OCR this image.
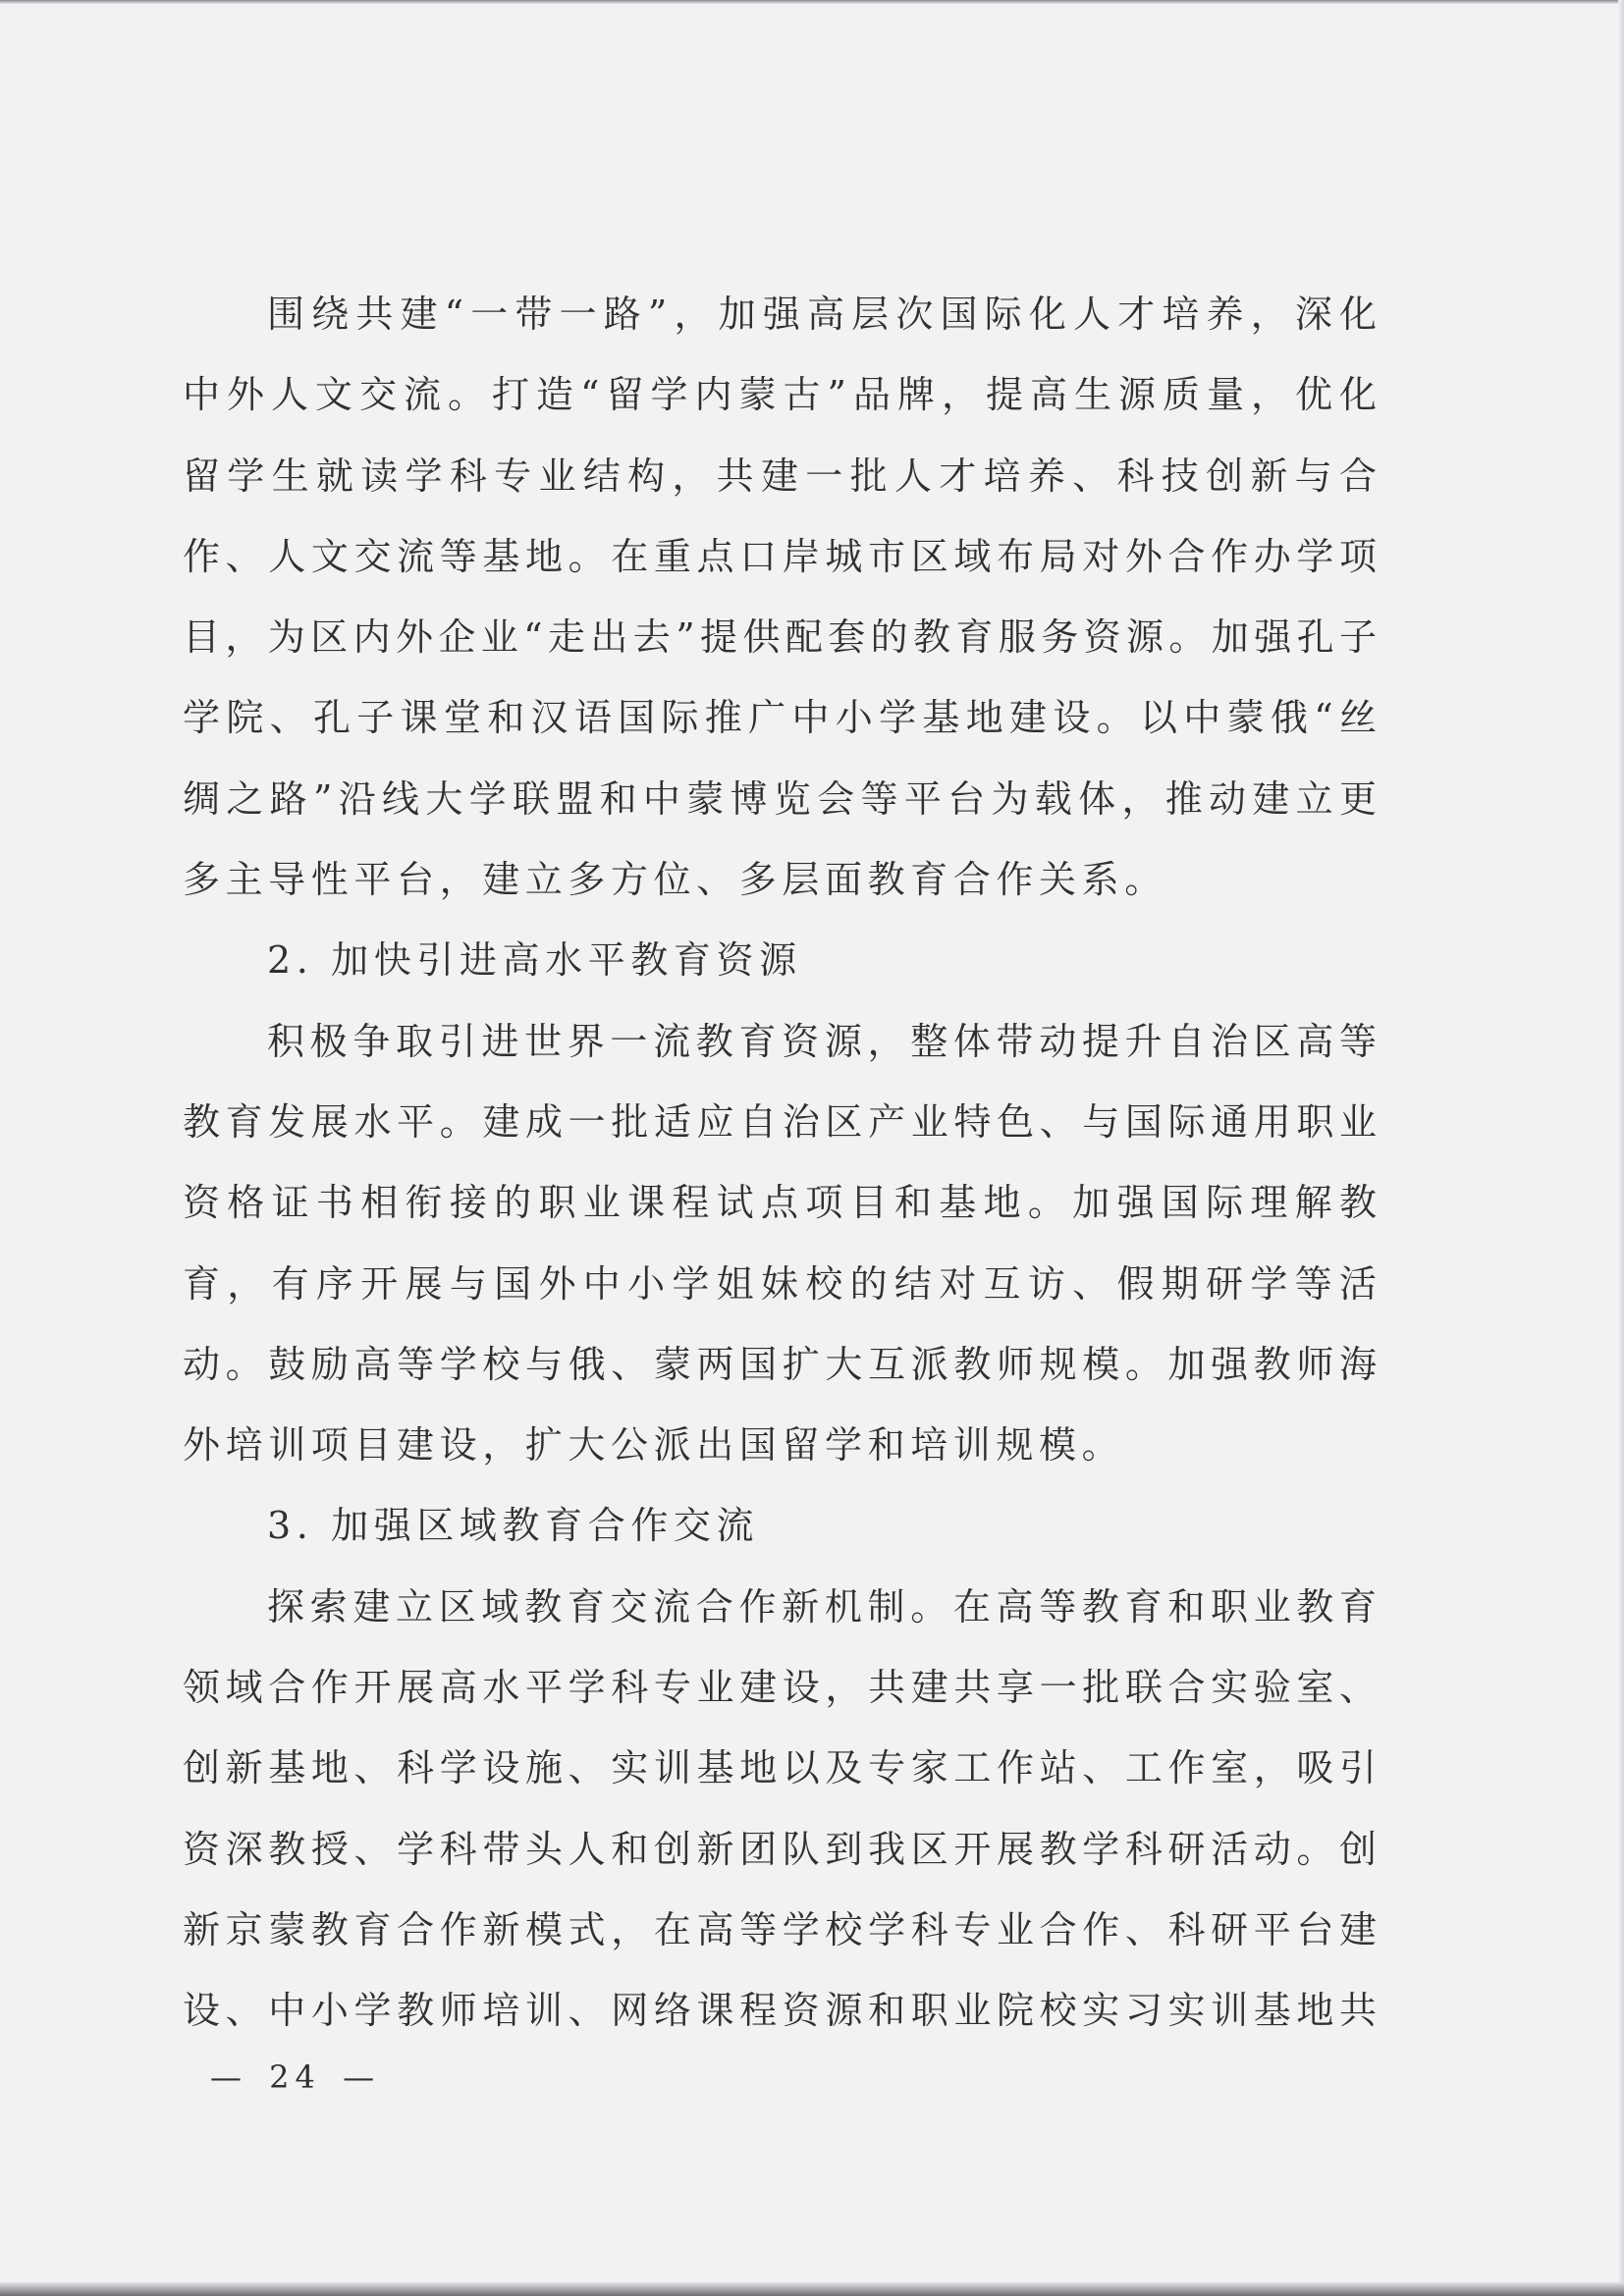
围绕共建“一带一路”，加强高层次国际化人才培养，深化
中外人文交流。打造“留学内蒙古”品牌，提高生源质量，优化
留学生就读学科专业结构，共建一批人才培养、科技创新与合
作、人文交流等基地。在重点口岸城市区域布局对外合作办学项
目，为区内外企业“走出去”提供配套的教育服务资源。加强孔子
学院、孔子课堂和汉语国际推广中小学基地建设。以中蒙俄“丝
绸之路”沿线大学联盟和中蒙博览会等平台为载体，推动建立更
多主导性平台，建立多方位、多层面教育合作关系。
2. 加快引进高水平教育资源
积极争取引进世界一流教育资源，整体带动提升自治区高等
教育发展水平。建成一批适应自治区产业特色、与国际通用职业
资格证书相衔接的职业课程试点项目和基地。加强国际理解教
育，有序开展与国外中小学姐妹校的结对互访、假期研学等活
动。鼓励高等学校与俄、蒙两国扩大互派教师规模。加强教师海
外培训项目建设，扩大公派出国留学和培训规模。
3. 加强区域教育合作交流
探索建立区域教育交流合作新机制。在高等教育和职业教育
领域合作开展高水平学科专业建设，共建共享一批联合实验室、
创新基地、科学设施、实训基地以及专家工作站、工作室，吸引
资深教授、学科带头人和创新团队到我区开展教学科研活动。创
新京蒙教育合作新模式，在高等学校学科专业合作、科研平台建
设、中小学教师培训、网络课程资源和职业院校实习实训基地共
— 24 —
